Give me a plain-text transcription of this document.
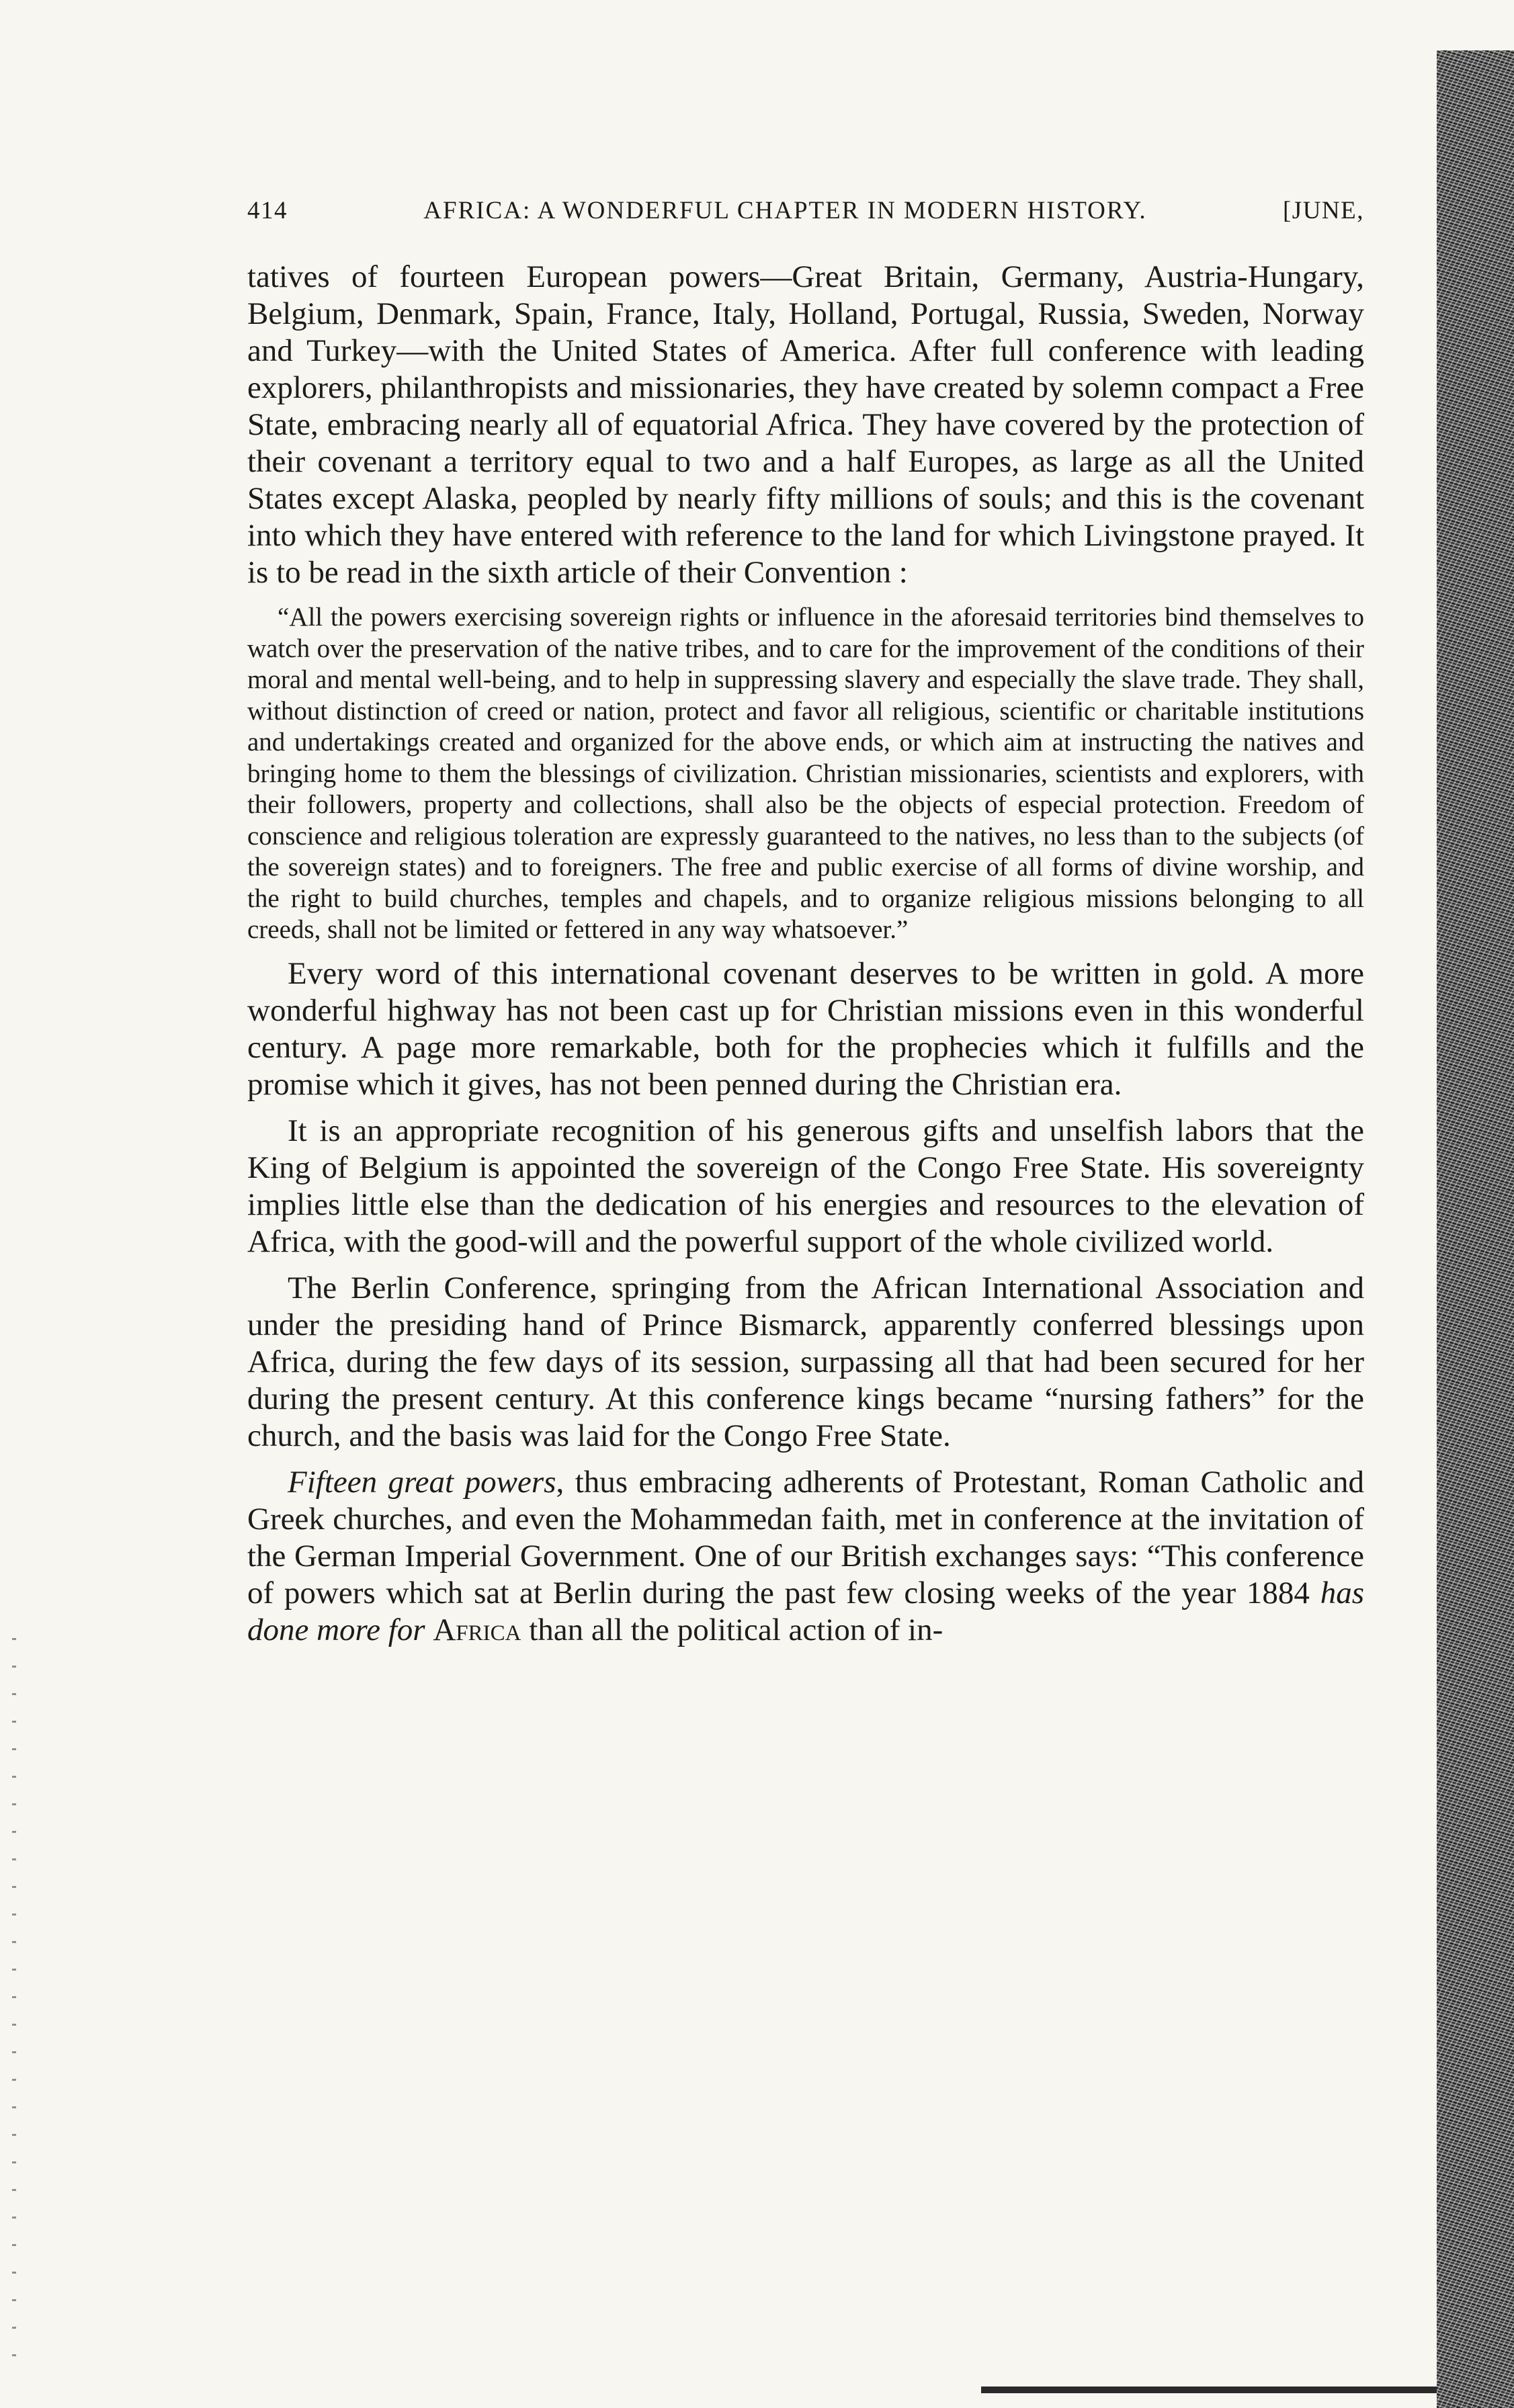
414	AFRICA: A WONDERFUL CHAPTER IN MODERN HISTORY.	[JUNE,

tatives of fourteen European powers—Great Britain, Germany, Austria-Hungary, Belgium, Denmark, Spain, France, Italy, Holland, Portugal, Russia, Sweden, Norway and Turkey—with the United States of America. After full conference with leading explorers, philanthropists and missionaries, they have created by solemn compact a Free State, embracing nearly all of equatorial Africa. They have covered by the protection of their covenant a territory equal to two and a half Europes, as large as all the United States except Alaska, peopled by nearly fifty millions of souls; and this is the covenant into which they have entered with reference to the land for which Livingstone prayed. It is to be read in the sixth article of their Convention :

“All the powers exercising sovereign rights or influence in the aforesaid territories bind themselves to watch over the preservation of the native tribes, and to care for the improvement of the conditions of their moral and mental well-being, and to help in suppressing slavery and especially the slave trade. They shall, without distinction of creed or nation, protect and favor all religious, scientific or charitable institutions and undertakings created and organized for the above ends, or which aim at instructing the natives and bringing home to them the blessings of civilization. Christian missionaries, scientists and explorers, with their followers, property and collections, shall also be the objects of especial protection. Freedom of conscience and religious toleration are expressly guaranteed to the natives, no less than to the subjects (of the sovereign states) and to foreigners. The free and public exercise of all forms of divine worship, and the right to build churches, temples and chapels, and to organize religious missions belonging to all creeds, shall not be limited or fettered in any way whatsoever.”

Every word of this international covenant deserves to be written in gold. A more wonderful highway has not been cast up for Christian missions even in this wonderful century. A page more remarkable, both for the prophecies which it fulfills and the promise which it gives, has not been penned during the Christian era.

It is an appropriate recognition of his generous gifts and unselfish labors that the King of Belgium is appointed the sovereign of the Congo Free State. His sovereignty implies little else than the dedication of his energies and resources to the elevation of Africa, with the good-will and the powerful support of the whole civilized world.

The Berlin Conference, springing from the African International Association and under the presiding hand of Prince Bismarck, apparently conferred blessings upon Africa, during the few days of its session, surpassing all that had been secured for her during the present century. At this conference kings became “nursing fathers” for the church, and the basis was laid for the Congo Free State.

Fifteen great powers, thus embracing adherents of Protestant, Roman Catholic and Greek churches, and even the Mohammedan faith, met in conference at the invitation of the German Imperial Government. One of our British exchanges says: “This conference of powers which sat at Berlin during the past few closing weeks of the year 1884 has done more for Africa than all the political action of in-
